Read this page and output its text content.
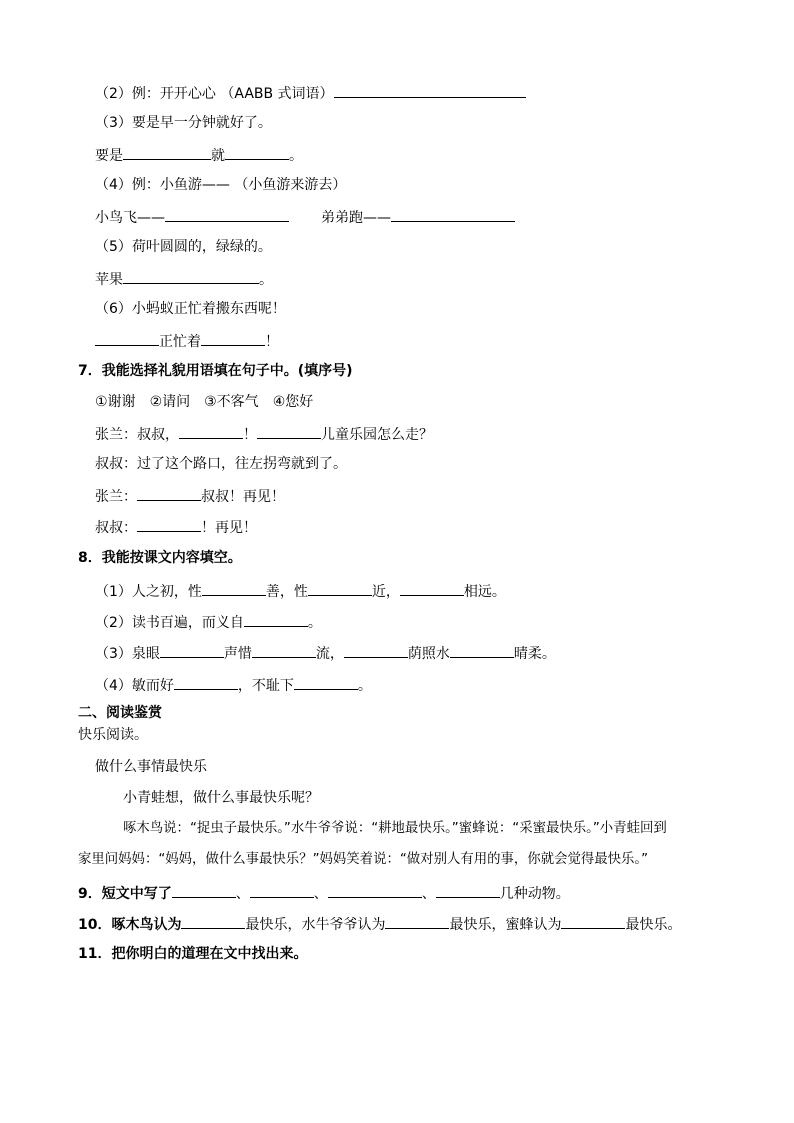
（2）例：开开心心 （AABB 式词语）
（3）要是早一分钟就好了。
要是	就	。
（4）例：小鱼游—— （小鱼游来游去）
小鸟飞——	弟弟跑——
（5）荷叶圆圆的，绿绿的。
苹果	。
（6）小蚂蚁正忙着搬东西呢！
正忙着	！
7．我能选择礼貌用语填在句子中。(填序号)
①谢谢 ②请问 ③不客气 ④您好
张兰：叔叔，	！	儿童乐园怎么走？
叔叔：过了这个路口，往左拐弯就到了。
张兰：	叔叔！再见！
叔叔：	！再见！
8．我能按课文内容填空。
（1）人之初，性	善，性	近，	相远。
（2）读书百遍，而义自	。
（3）泉眼	声惜	流，	荫照水	晴柔。
（4）敏而好	，不耻下	。
二、阅读鉴赏
快乐阅读。
做什么事情最快乐
小青蛙想，做什么事最快乐呢？
啄木鸟说：“捉虫子最快乐。”水牛爷爷说：“耕地最快乐。”蜜蜂说：“采蜜最快乐。”小青蛙回到
家里问妈妈：“妈妈，做什么事最快乐？”妈妈笑着说：“做对别人有用的事，你就会觉得最快乐。”
9．短文中写了	、	、	、	几种动物。
10．啄木鸟认为	最快乐，水牛爷爷认为	最快乐，蜜蜂认为	最快乐。
11．把你明白的道理在文中找出来。
